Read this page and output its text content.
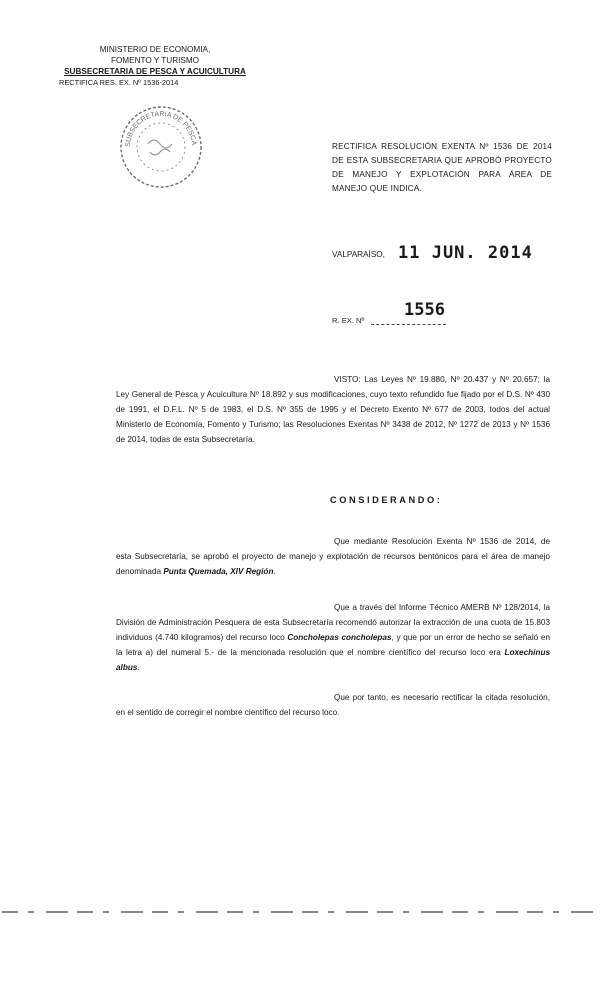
MINISTERIO DE ECONOMIA,
FOMENTO Y TURISMO
SUBSECRETARIA DE PESCA Y ACUICULTURA
RECTIFICA RES. EX. Nº 1536-2014
SUBSECRETARIA DE PESCA	RECTIFICA RESOLUCIÓN EXENTA Nº 1536 DE 2014 DE ESTA SUBSECRETARIA QUE APROBÓ PROYECTO DE MANEJO Y EXPLOTACIÓN PARA ÁREA DE MANEJO QUE INDICA.
VALPARAÍSO, 11 JUN. 2014
R. EX. Nº
1556
VISTO: Las Leyes Nº 19.880, Nº 20.437 y Nº 20.657; la Ley General de Pesca y Acuicultura Nº 18.892 y sus modificaciones, cuyo texto refundido fue fijado por el D.S. Nº 430 de 1991, el D.F.L. Nº 5 de 1983, el D.S. Nº 355 de 1995 y el Decreto Exento Nº 677 de 2003, todos del actual Ministerio de Economía, Fomento y Turismo; las Resoluciones Exentas Nº 3438 de 2012, Nº 1272 de 2013 y Nº 1536 de 2014, todas de esta Subsecretaría.
CONSIDERANDO:
Que mediante Resolución Exenta Nº 1536 de 2014, de esta Subsecretaría, se aprobó el proyecto de manejo y explotación de recursos bentónicos para el área de manejo denominada Punta Quemada, XIV Región.
Que a través del Informe Técnico AMERB Nº 128/2014, la División de Administración Pesquera de esta Subsecretaría recomendó autorizar la extracción de una cuota de 15.803 individuos (4.740 kilogramos) del recurso loco Concholepas concholepas, y que por un error de hecho se señaló en la letra a) del numeral 5.- de la mencionada resolución que el nombre científico del recurso loco era Loxechinus albus.
Que por tanto, es necesario rectificar la citada resolución, en el sentido de corregir el nombre científico del recurso loco.
